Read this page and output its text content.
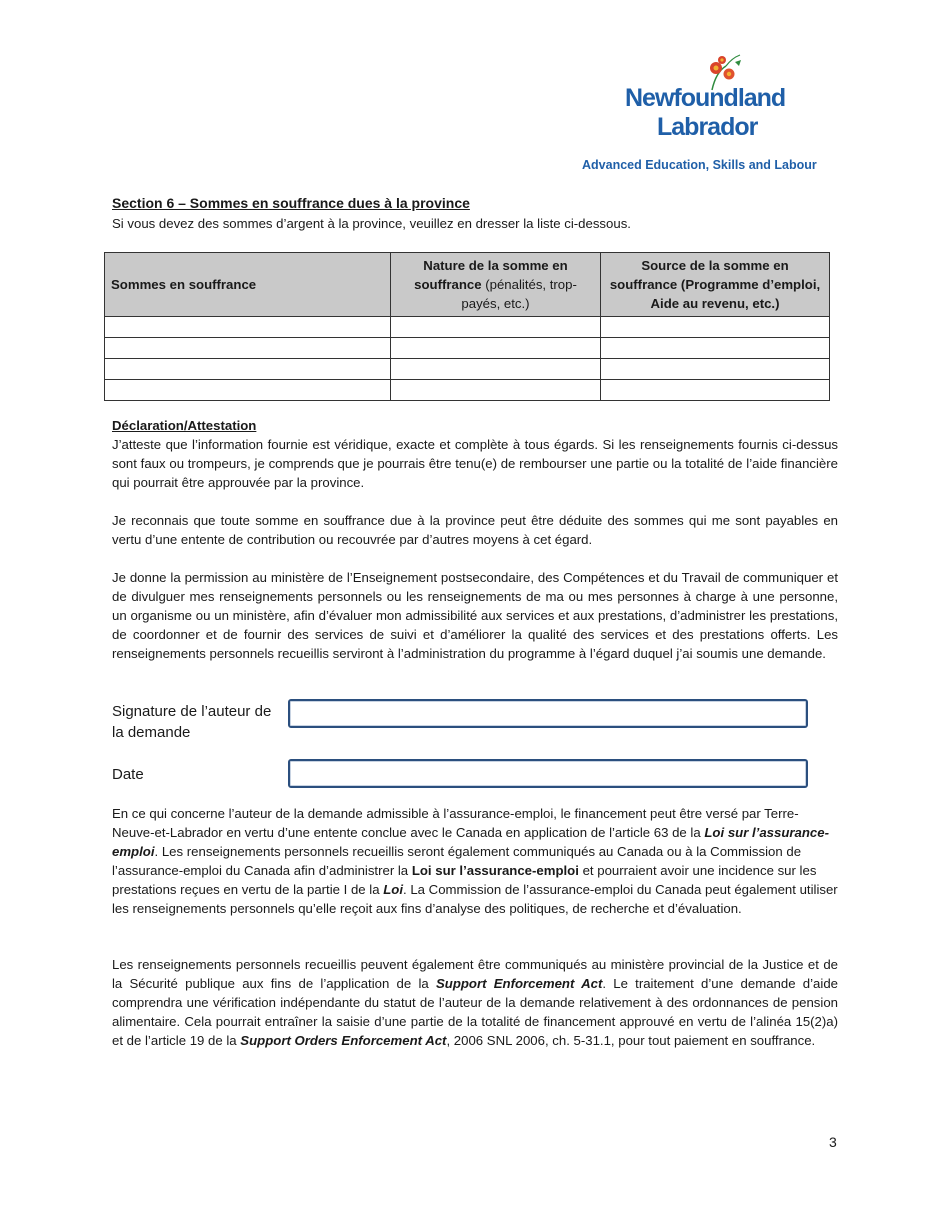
Newfoundland
Labrador
Advanced Education, Skills and Labour
Section 6 – Sommes en souffrance dues à la province
Si vous devez des sommes d’argent à la province, veuillez en dresser la liste ci-dessous.
Sommes en souffrance	Nature de la somme en souffrance (pénalités, trop-payés, etc.)	Source de la somme en souffrance (Programme d’emploi, Aide au revenu, etc.)

Déclaration/Attestation
J’atteste que l’information fournie est véridique, exacte et complète à tous égards. Si les renseignements fournis ci-dessus sont faux ou trompeurs, je comprends que je pourrais être tenu(e) de rembourser une partie ou la totalité de l’aide financière qui pourrait être approuvée par la province.
Je reconnais que toute somme en souffrance due à la province peut être déduite des sommes qui me sont payables en vertu d’une entente de contribution ou recouvrée par d’autres moyens à cet égard.
Je donne la permission au ministère de l’Enseignement postsecondaire, des Compétences et du Travail de communiquer et de divulguer mes renseignements personnels ou les renseignements de ma ou mes personnes à charge à une personne, un organisme ou un ministère, afin d’évaluer mon admissibilité aux services et aux prestations, d’administrer les prestations, de coordonner et de fournir des services de suivi et d’améliorer la qualité des services et des prestations offerts. Les renseignements personnels recueillis serviront à l’administration du programme à l’égard duquel j’ai soumis une demande.
Signature de l’auteur de la demande
Date
En ce qui concerne l’auteur de la demande admissible à l’assurance-emploi, le financement peut être versé par Terre-Neuve-et-Labrador en vertu d’une entente conclue avec le Canada en application de l’article 63 de la Loi sur l’assurance-emploi. Les renseignements personnels recueillis seront également communiqués au Canada ou à la Commission de l’assurance-emploi du Canada afin d’administrer la Loi sur l’assurance-emploi et pourraient avoir une incidence sur les prestations reçues en vertu de la partie I de la Loi. La Commission de l’assurance-emploi du Canada peut également utiliser les renseignements personnels qu’elle reçoit aux fins d’analyse des politiques, de recherche et d’évaluation.
Les renseignements personnels recueillis peuvent également être communiqués au ministère provincial de la Justice et de la Sécurité publique aux fins de l’application de la Support Enforcement Act. Le traitement d’une demande d’aide comprendra une vérification indépendante du statut de l’auteur de la demande relativement à des ordonnances de pension alimentaire. Cela pourrait entraîner la saisie d’une partie de la totalité de financement approuvé en vertu de l’alinéa 15(2)a) et de l’article 19 de la Support Orders Enforcement Act, 2006 SNL 2006, ch. 5-31.1, pour tout paiement en souffrance.
3
